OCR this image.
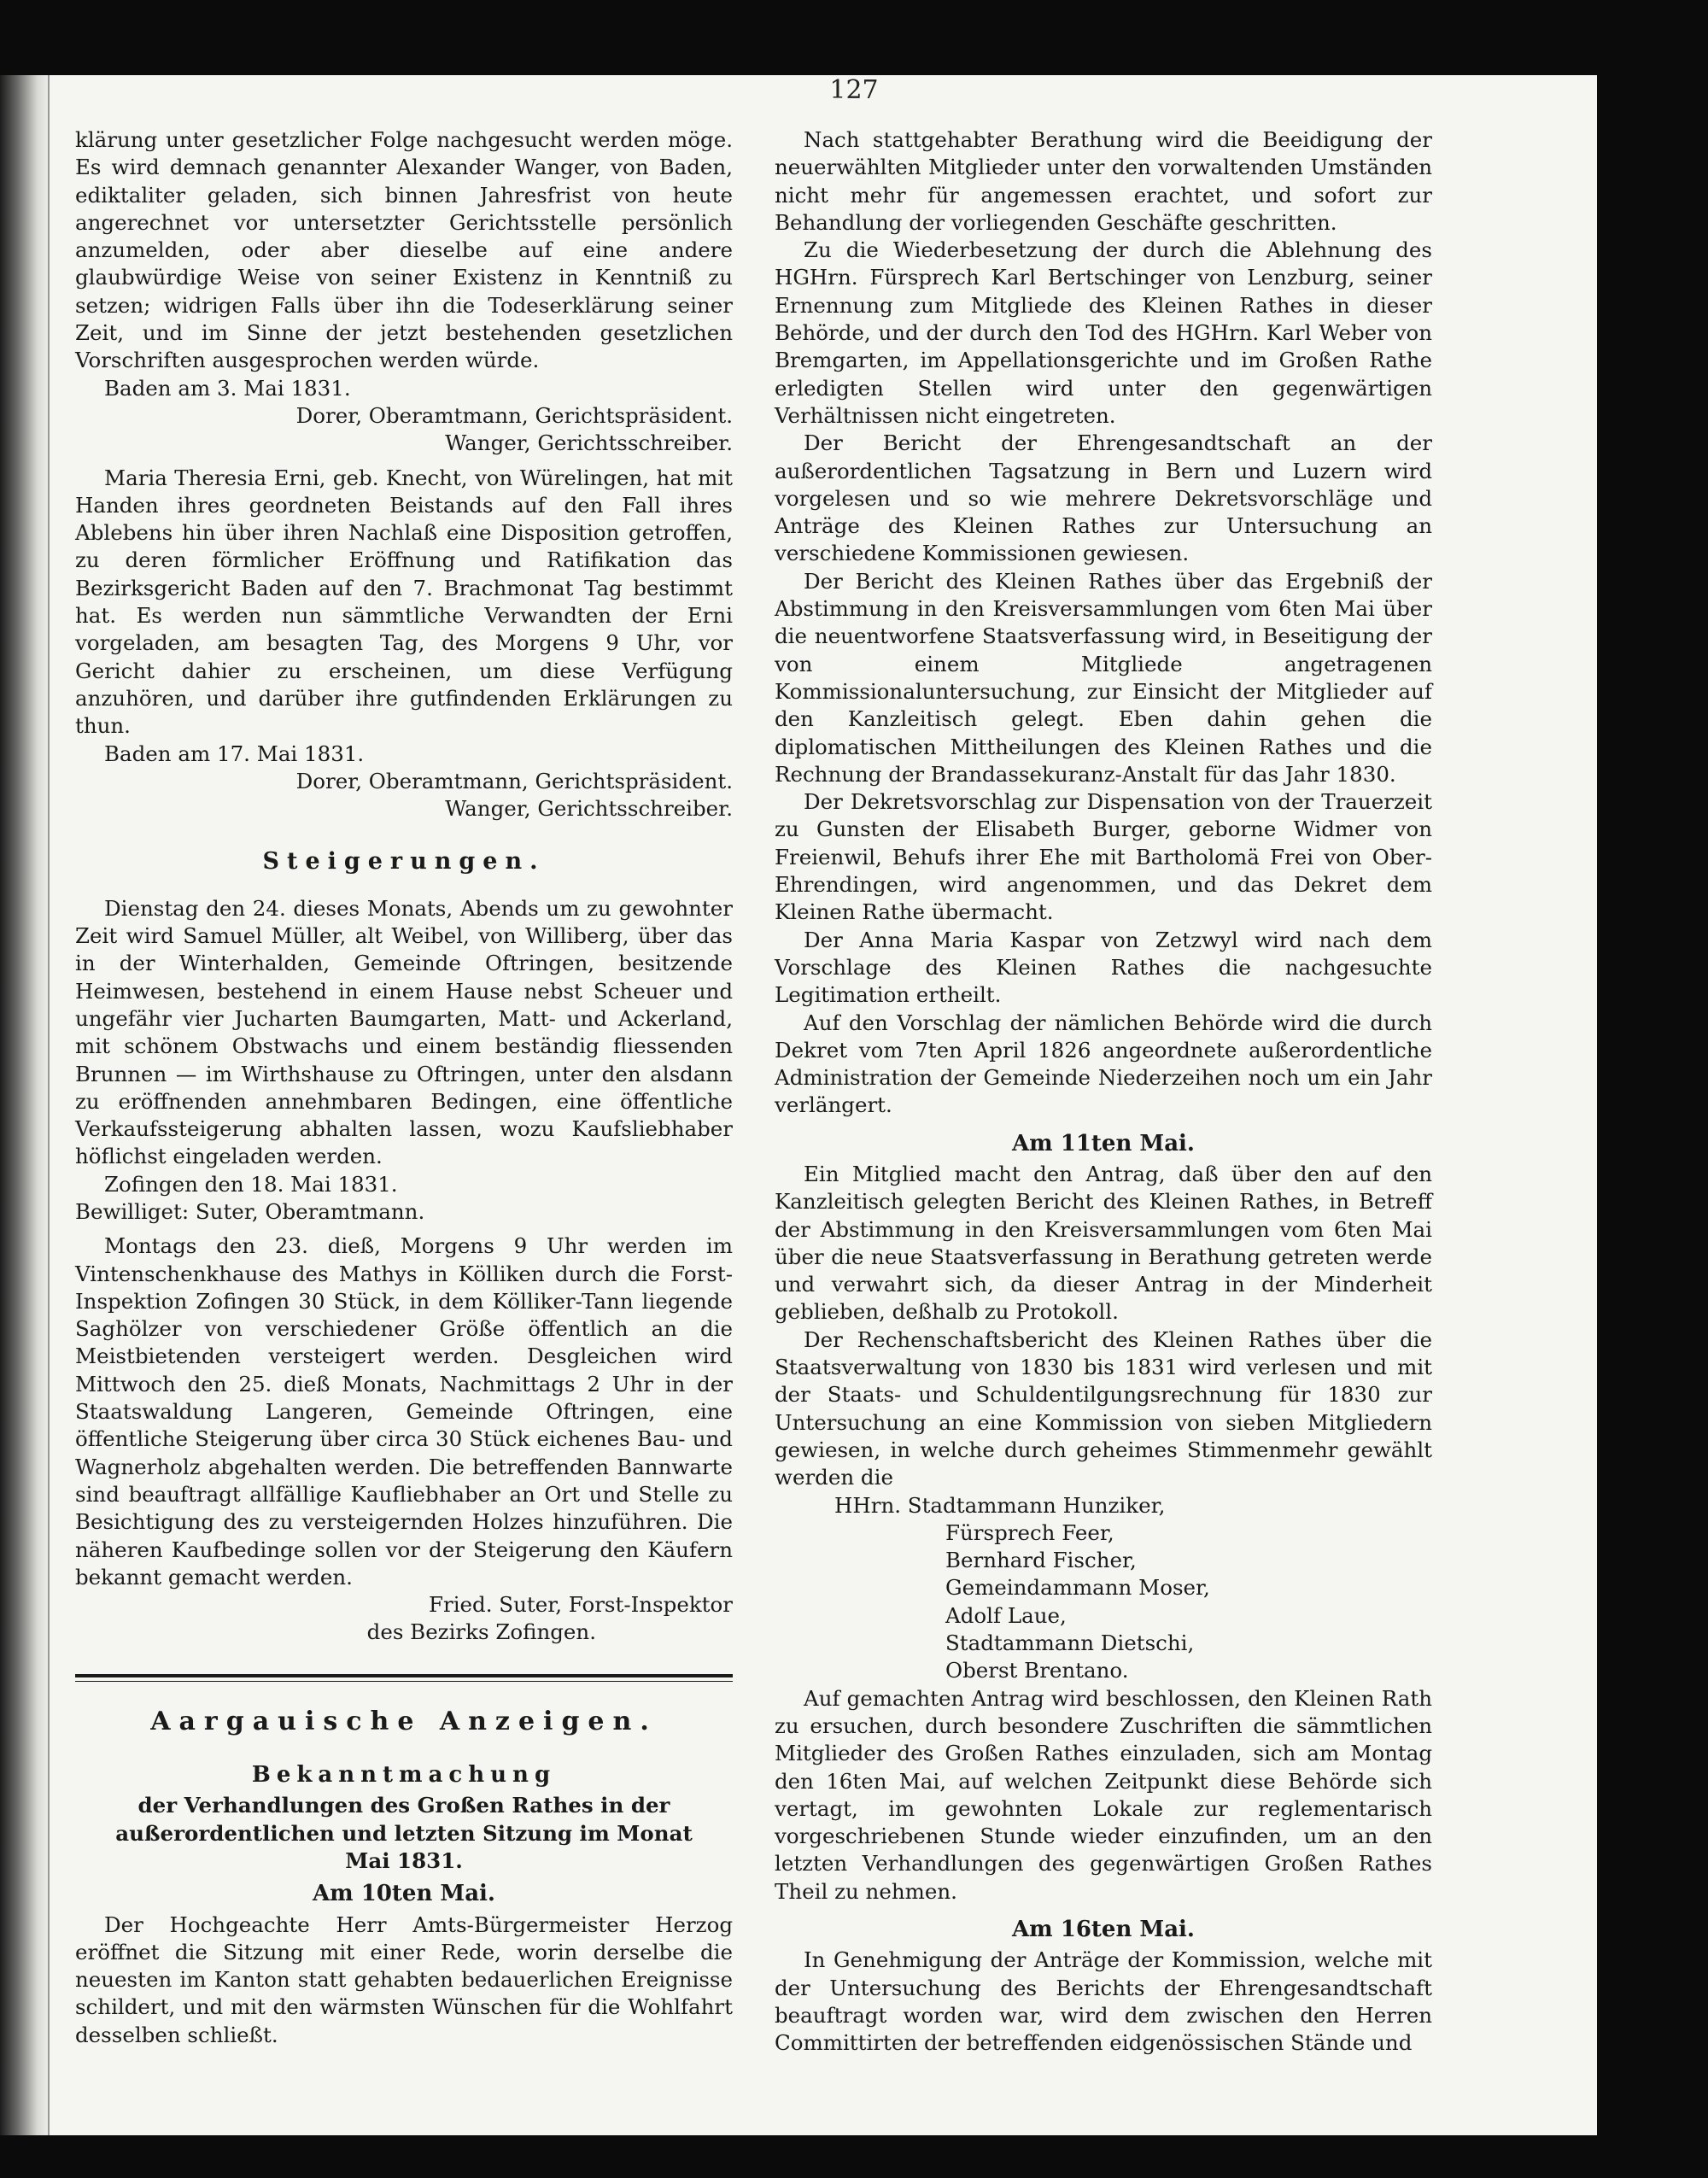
127

klärung unter gesetzlicher Folge nachgesucht werden möge. Es wird demnach genannter Alexander Wanger, von Baden, ediktaliter geladen, sich binnen Jahresfrist von heute angerechnet vor untersetzter Gerichtsstelle persönlich anzumelden, oder aber dieselbe auf eine andere glaubwürdige Weise von seiner Existenz in Kenntniß zu setzen; widrigen Falls über ihn die Todeserklärung seiner Zeit, und im Sinne der jetzt bestehenden gesetzlichen Vorschriften ausgesprochen werden würde.

Baden am 3. Mai 1831.

Dorer, Oberamtmann, Gerichtspräsident.

Wanger, Gerichtsschreiber.

Maria Theresia Erni, geb. Knecht, von Würelingen, hat mit Handen ihres geordneten Beistands auf den Fall ihres Ablebens hin über ihren Nachlaß eine Disposition getroffen, zu deren förmlicher Eröffnung und Ratifikation das Bezirksgericht Baden auf den 7. Brachmonat Tag bestimmt hat. Es werden nun sämmtliche Verwandten der Erni vorgeladen, am besagten Tag, des Morgens 9 Uhr, vor Gericht dahier zu erscheinen, um diese Verfügung anzuhören, und darüber ihre gutfindenden Erklärungen zu thun.

Baden am 17. Mai 1831.

Dorer, Oberamtmann, Gerichtspräsident.

Wanger, Gerichtsschreiber.

Steigerungen.

Dienstag den 24. dieses Monats, Abends um zu gewohnter Zeit wird Samuel Müller, alt Weibel, von Williberg, über das in der Winterhalden, Gemeinde Oftringen, besitzende Heimwesen, bestehend in einem Hause nebst Scheuer und ungefähr vier Jucharten Baumgarten, Matt- und Ackerland, mit schönem Obstwachs und einem beständig fliessenden Brunnen — im Wirthshause zu Oftringen, unter den alsdann zu eröffnenden annehmbaren Bedingen, eine öffentliche Verkaufssteigerung abhalten lassen, wozu Kaufsliebhaber höflichst eingeladen werden.

Zofingen den 18. Mai 1831.

Bewilliget: Suter, Oberamtmann.

Montags den 23. dieß, Morgens 9 Uhr werden im Vintenschenkhause des Mathys in Kölliken durch die Forst-Inspektion Zofingen 30 Stück, in dem Kölliker-Tann liegende Saghölzer von verschiedener Größe öffentlich an die Meistbietenden versteigert werden. Desgleichen wird Mittwoch den 25. dieß Monats, Nachmittags 2 Uhr in der Staatswaldung Langeren, Gemeinde Oftringen, eine öffentliche Steigerung über circa 30 Stück eichenes Bau- und Wagnerholz abgehalten werden. Die betreffenden Bannwarte sind beauftragt allfällige Kaufliebhaber an Ort und Stelle zu Besichtigung des zu versteigernden Holzes hinzuführen. Die näheren Kaufbedinge sollen vor der Steigerung den Käufern bekannt gemacht werden.

Fried. Suter, Forst-Inspektor

des Bezirks Zofingen.

Aargauische Anzeigen.
Bekanntmachung

der Verhandlungen des Großen Rathes in der außerordentlichen und letzten Sitzung im Monat Mai 1831.

Am 10ten Mai.

Der Hochgeachte Herr Amts-Bürgermeister Herzog eröffnet die Sitzung mit einer Rede, worin derselbe die neuesten im Kanton statt gehabten bedauerlichen Ereignisse schildert, und mit den wärmsten Wünschen für die Wohlfahrt desselben schließt.

Nach stattgehabter Berathung wird die Beeidigung der neuerwählten Mitglieder unter den vorwaltenden Umständen nicht mehr für angemessen erachtet, und sofort zur Behandlung der vorliegenden Geschäfte geschritten.

Zu die Wiederbesetzung der durch die Ablehnung des HGHrn. Fürsprech Karl Bertschinger von Lenzburg, seiner Ernennung zum Mitgliede des Kleinen Rathes in dieser Behörde, und der durch den Tod des HGHrn. Karl Weber von Bremgarten, im Appellationsgerichte und im Großen Rathe erledigten Stellen wird unter den gegenwärtigen Verhältnissen nicht eingetreten.

Der Bericht der Ehrengesandtschaft an der außerordentlichen Tagsatzung in Bern und Luzern wird vorgelesen und so wie mehrere Dekretsvorschläge und Anträge des Kleinen Rathes zur Untersuchung an verschiedene Kommissionen gewiesen.

Der Bericht des Kleinen Rathes über das Ergebniß der Abstimmung in den Kreisversammlungen vom 6ten Mai über die neuentworfene Staatsverfassung wird, in Beseitigung der von einem Mitgliede angetragenen Kommissionaluntersuchung, zur Einsicht der Mitglieder auf den Kanzleitisch gelegt. Eben dahin gehen die diplomatischen Mittheilungen des Kleinen Rathes und die Rechnung der Brandassekuranz-Anstalt für das Jahr 1830.

Der Dekretsvorschlag zur Dispensation von der Trauerzeit zu Gunsten der Elisabeth Burger, geborne Widmer von Freienwil, Behufs ihrer Ehe mit Bartholomä Frei von Ober-Ehrendingen, wird angenommen, und das Dekret dem Kleinen Rathe übermacht.

Der Anna Maria Kaspar von Zetzwyl wird nach dem Vorschlage des Kleinen Rathes die nachgesuchte Legitimation ertheilt.

Auf den Vorschlag der nämlichen Behörde wird die durch Dekret vom 7ten April 1826 angeordnete außerordentliche Administration der Gemeinde Niederzeihen noch um ein Jahr verlängert.

Am 11ten Mai.

Ein Mitglied macht den Antrag, daß über den auf den Kanzleitisch gelegten Bericht des Kleinen Rathes, in Betreff der Abstimmung in den Kreisversammlungen vom 6ten Mai über die neue Staatsverfassung in Berathung getreten werde und verwahrt sich, da dieser Antrag in der Minderheit geblieben, deßhalb zu Protokoll.

Der Rechenschaftsbericht des Kleinen Rathes über die Staatsverwaltung von 1830 bis 1831 wird verlesen und mit der Staats- und Schuldentilgungsrechnung für 1830 zur Untersuchung an eine Kommission von sieben Mitgliedern gewiesen, in welche durch geheimes Stimmenmehr gewählt werden die

HHrn. Stadtammann Hunziker,
Fürsprech Feer,
Bernhard Fischer,
Gemeindammann Moser,
Adolf Laue,
Stadtammann Dietschi,
Oberst Brentano.

Auf gemachten Antrag wird beschlossen, den Kleinen Rath zu ersuchen, durch besondere Zuschriften die sämmtlichen Mitglieder des Großen Rathes einzuladen, sich am Montag den 16ten Mai, auf welchen Zeitpunkt diese Behörde sich vertagt, im gewohnten Lokale zur reglementarisch vorgeschriebenen Stunde wieder einzufinden, um an den letzten Verhandlungen des gegenwärtigen Großen Rathes Theil zu nehmen.

Am 16ten Mai.

In Genehmigung der Anträge der Kommission, welche mit der Untersuchung des Berichts der Ehrengesandtschaft beauftragt worden war, wird dem zwischen den Herren Committirten der betreffenden eidgenössischen Stände und
